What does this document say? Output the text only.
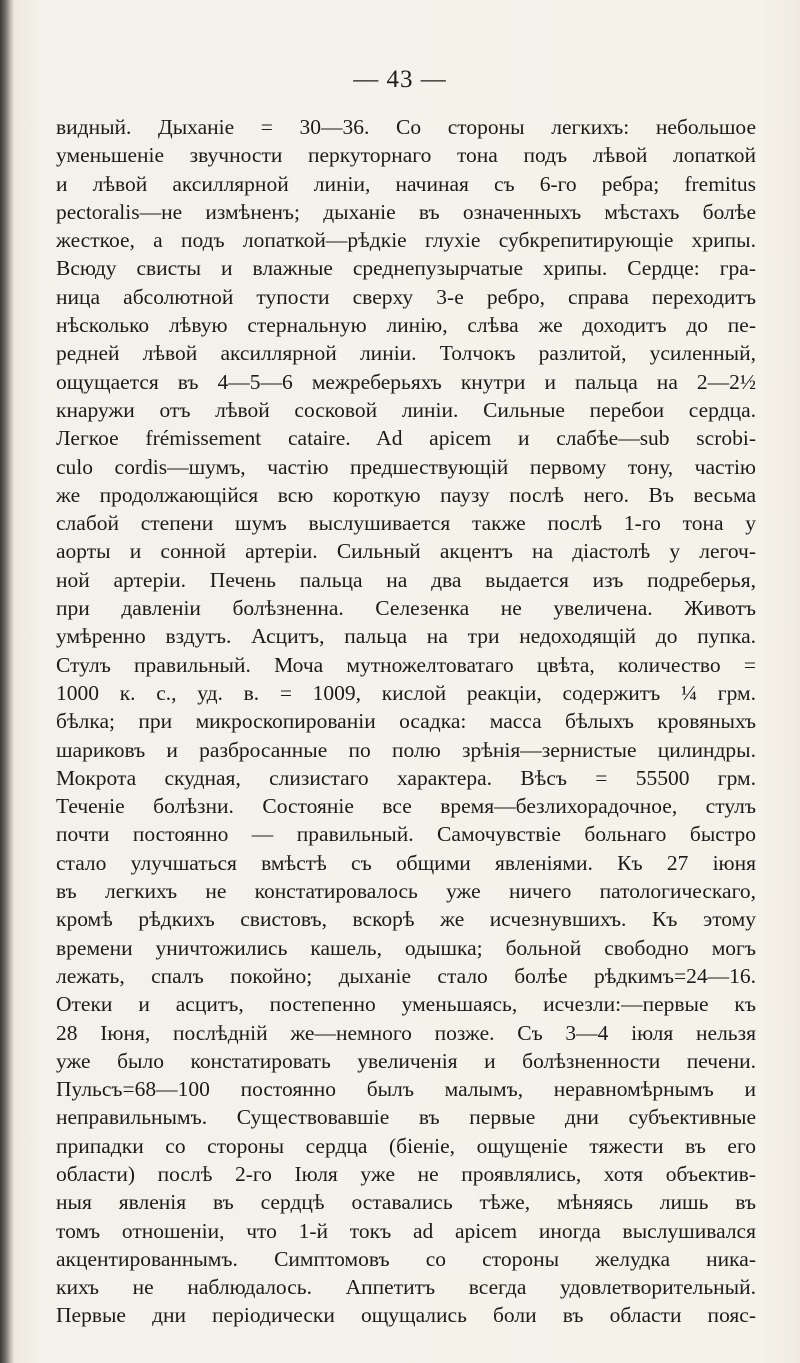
— 43 —
видный. Дыханіе = 30—36. Со стороны легкихъ: небольшое
уменьшеніе звучности перкуторнаго тона подъ лѣвой лопаткой
и лѣвой аксиллярной линіи, начиная съ 6-го ребра; fremitus
pectoralis—не измѣненъ; дыханіе въ означенныхъ мѣстахъ болѣе
жесткое, а подъ лопаткой—рѣдкіе глухіе субкрепитирующіе хрипы.
Всюду свисты и влажные среднепузырчатые хрипы. Сердце: гра-
ница абсолютной тупости сверху 3-е ребро, справа переходитъ
нѣсколько лѣвую стернальную линію, слѣва же доходитъ до пе-
редней лѣвой аксиллярной линіи. Толчокъ разлитой, усиленный,
ощущается въ 4—5—6 межреберьяхъ кнутри и пальца на 2—2½
кнаружи отъ лѣвой сосковой линіи. Сильные перебои сердца.
Легкое frémissement cataire. Ad apicem и слабѣе—sub scrobi-
culo cordis—шумъ, частію предшествующій первому тону, частію
же продолжающійся всю короткую паузу послѣ него. Въ весьма
слабой степени шумъ выслушивается также послѣ 1-го тона у
аорты и сонной артеріи. Сильный акцентъ на діастолѣ у легоч-
ной артеріи. Печень пальца на два выдается изъ подреберья,
при давленіи болѣзненна. Селезенка не увеличена. Животъ
умѣренно вздутъ. Асцитъ, пальца на три недоходящій до пупка.
Стулъ правильный. Моча мутножелтоватаго цвѣта, количество =
1000 к. с., уд. в. = 1009, кислой реакціи, содержитъ ¼ грм.
бѣлка; при микроскопированіи осадка: масса бѣлыхъ кровяныхъ
шариковъ и разбросанные по полю зрѣнія—зернистые цилиндры.
Мокрота скудная, слизистаго характера. Вѣсъ = 55500 грм.
Теченіе болѣзни. Состояніе все время—безлихорадочное, стулъ
почти постоянно — правильный. Самочувствіе больнаго быстро
стало улучшаться вмѣстѣ съ общими явленіями. Къ 27 іюня
въ легкихъ не констатировалось уже ничего патологическаго,
кромѣ рѣдкихъ свистовъ, вскорѣ же исчезнувшихъ. Къ этому
времени уничтожились кашель, одышка; больной свободно могъ
лежать, спалъ покойно; дыханіе стало болѣе рѣдкимъ=24—16.
Отеки и асцитъ, постепенно уменьшаясь, исчезли:—первые къ
28 Іюня, послѣдній же—немного позже. Съ 3—4 іюля нельзя
уже было констатировать увеличенія и болѣзненности печени.
Пульсъ=68—100 постоянно былъ малымъ, неравномѣрнымъ и
неправильнымъ. Существовавшіе въ первые дни субъективные
припадки со стороны сердца (біеніе, ощущеніе тяжести въ его
области) послѣ 2-го Іюля уже не проявлялись, хотя объектив-
ныя явленія въ сердцѣ оставались тѣже, мѣняясь лишь въ
томъ отношеніи, что 1-й токъ ad apicem иногда выслушивался
акцентированнымъ. Симптомовъ со стороны желудка ника-
кихъ не наблюдалось. Аппетитъ всегда удовлетворительный.
Первые дни періодически ощущались боли въ области пояс-
